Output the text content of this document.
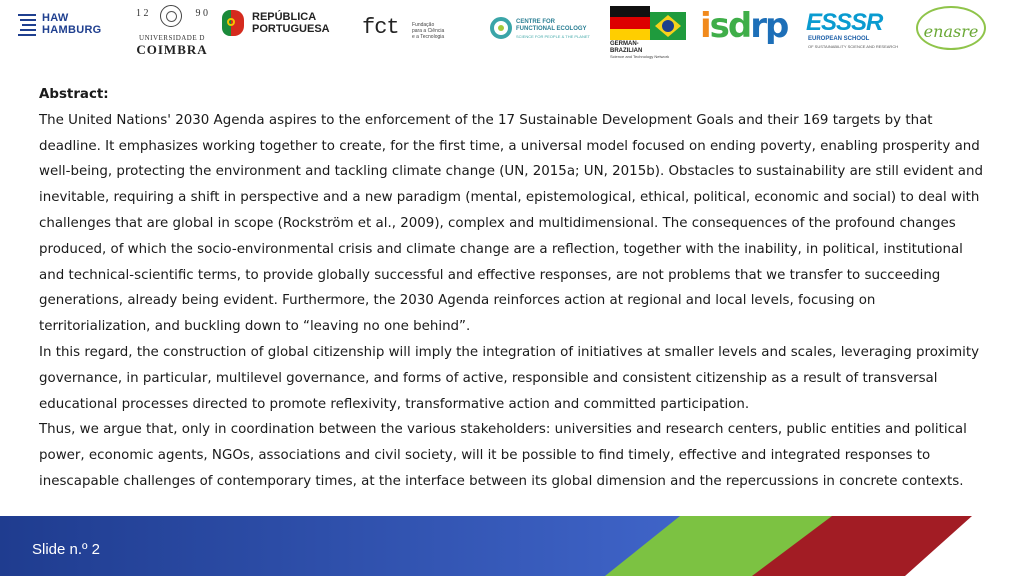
HAW
HAMBURG
1 2	9 0
UNIVERSIDADE D
COIMBRA
REPÚBLICA
PORTUGUESA fct	Fundação
para a Ciência
e a Tecnologia
CENTRE FOR
FUNCTIONAL ECOLOGY
SCIENCE FOR PEOPLE & THE PLANET
GERMAN-
BRAZILIAN
Science and Technology Network
isdrp ESSSR
EUROPEAN SCHOOL
OF SUSTAINABILITY SCIENCE AND RESEARCH
enasre

Abstract:

The United Nations' 2030 Agenda aspires to the enforcement of the 17 Sustainable Development Goals and their 169 targets by that deadline. It emphasizes working together to create, for the first time, a universal model focused on ending poverty, enabling prosperity and well-being, protecting the environment and tackling climate change (UN, 2015a; UN, 2015b). Obstacles to sustainability are still evident and inevitable, requiring a shift in perspective and a new paradigm (mental, epistemological, ethical, political, economic and social) to deal with challenges that are global in scope (Rockström et al., 2009), complex and multidimensional. The consequences of the profound changes produced, of which the socio-environmental crisis and climate change are a reflection, together with the inability, in political, institutional and technical-scientific terms, to provide globally successful and effective responses, are not problems that we transfer to succeeding generations, already being evident. Furthermore, the 2030 Agenda reinforces action at regional and local levels, focusing on territorialization, and buckling down to “leaving no one behind”.

In this regard, the construction of global citizenship will imply the integration of initiatives at smaller levels and scales, leveraging proximity governance, in particular, multilevel governance, and forms of active, responsible and consistent citizenship as a result of transversal educational processes directed to promote reflexivity, transformative action and committed participation.

Thus, we argue that, only in coordination between the various stakeholders: universities and research centers, public entities and political power, economic agents, NGOs, associations and civil society, will it be possible to find timely, effective and integrated responses to inescapable challenges of contemporary times, at the interface between its global dimension and the repercussions in concrete contexts.

Slide n.º 2
